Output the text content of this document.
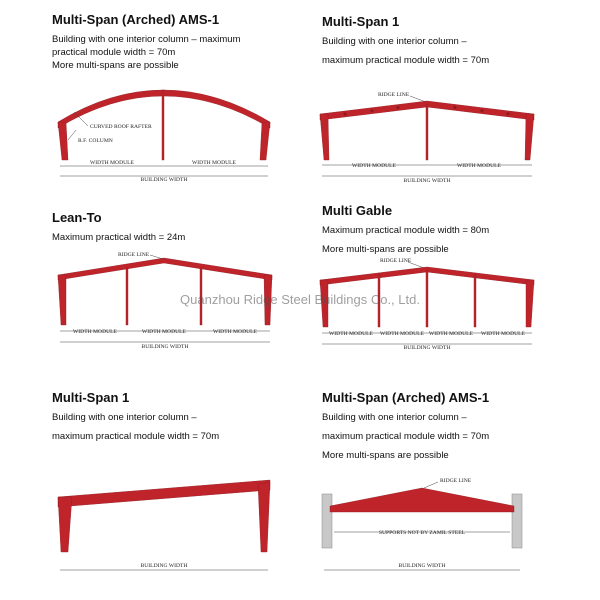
Multi-Span (Arched) AMS-1
Building with one interior column – maximum
practical module width = 70m
More multi-spans are possible
CURVED ROOF RAFTER
R.F. COLUMN
WIDTH MODULE	WIDTH MODULE
BUILDING WIDTH
Multi-Span 1
Building with one interior column –
maximum practical module width = 70m
RIDGE LINE
WIDTH MODULE	WIDTH MODULE
BUILDING WIDTH
Lean-To
Maximum practical width = 24m
RIDGE LINE
WIDTH MODULE	WIDTH MODULE	WIDTH MODULE
BUILDING WIDTH
Multi Gable
Maximum practical module width = 80m
More multi-spans are possible
RIDGE LINE
WIDTH MODULE WIDTH MODULE WIDTH MODULE WIDTH MODULE
BUILDING WIDTH
Quanzhou Ridge Steel Buildings Co., Ltd.
Multi-Span 1
Building with one interior column –
maximum practical module width = 70m
BUILDING WIDTH
Multi-Span (Arched) AMS-1
Building with one interior column –
maximum practical module width = 70m
More multi-spans are possible
RIDGE LINE
SUPPORTS NOT BY ZAMIL STEEL
BUILDING WIDTH
